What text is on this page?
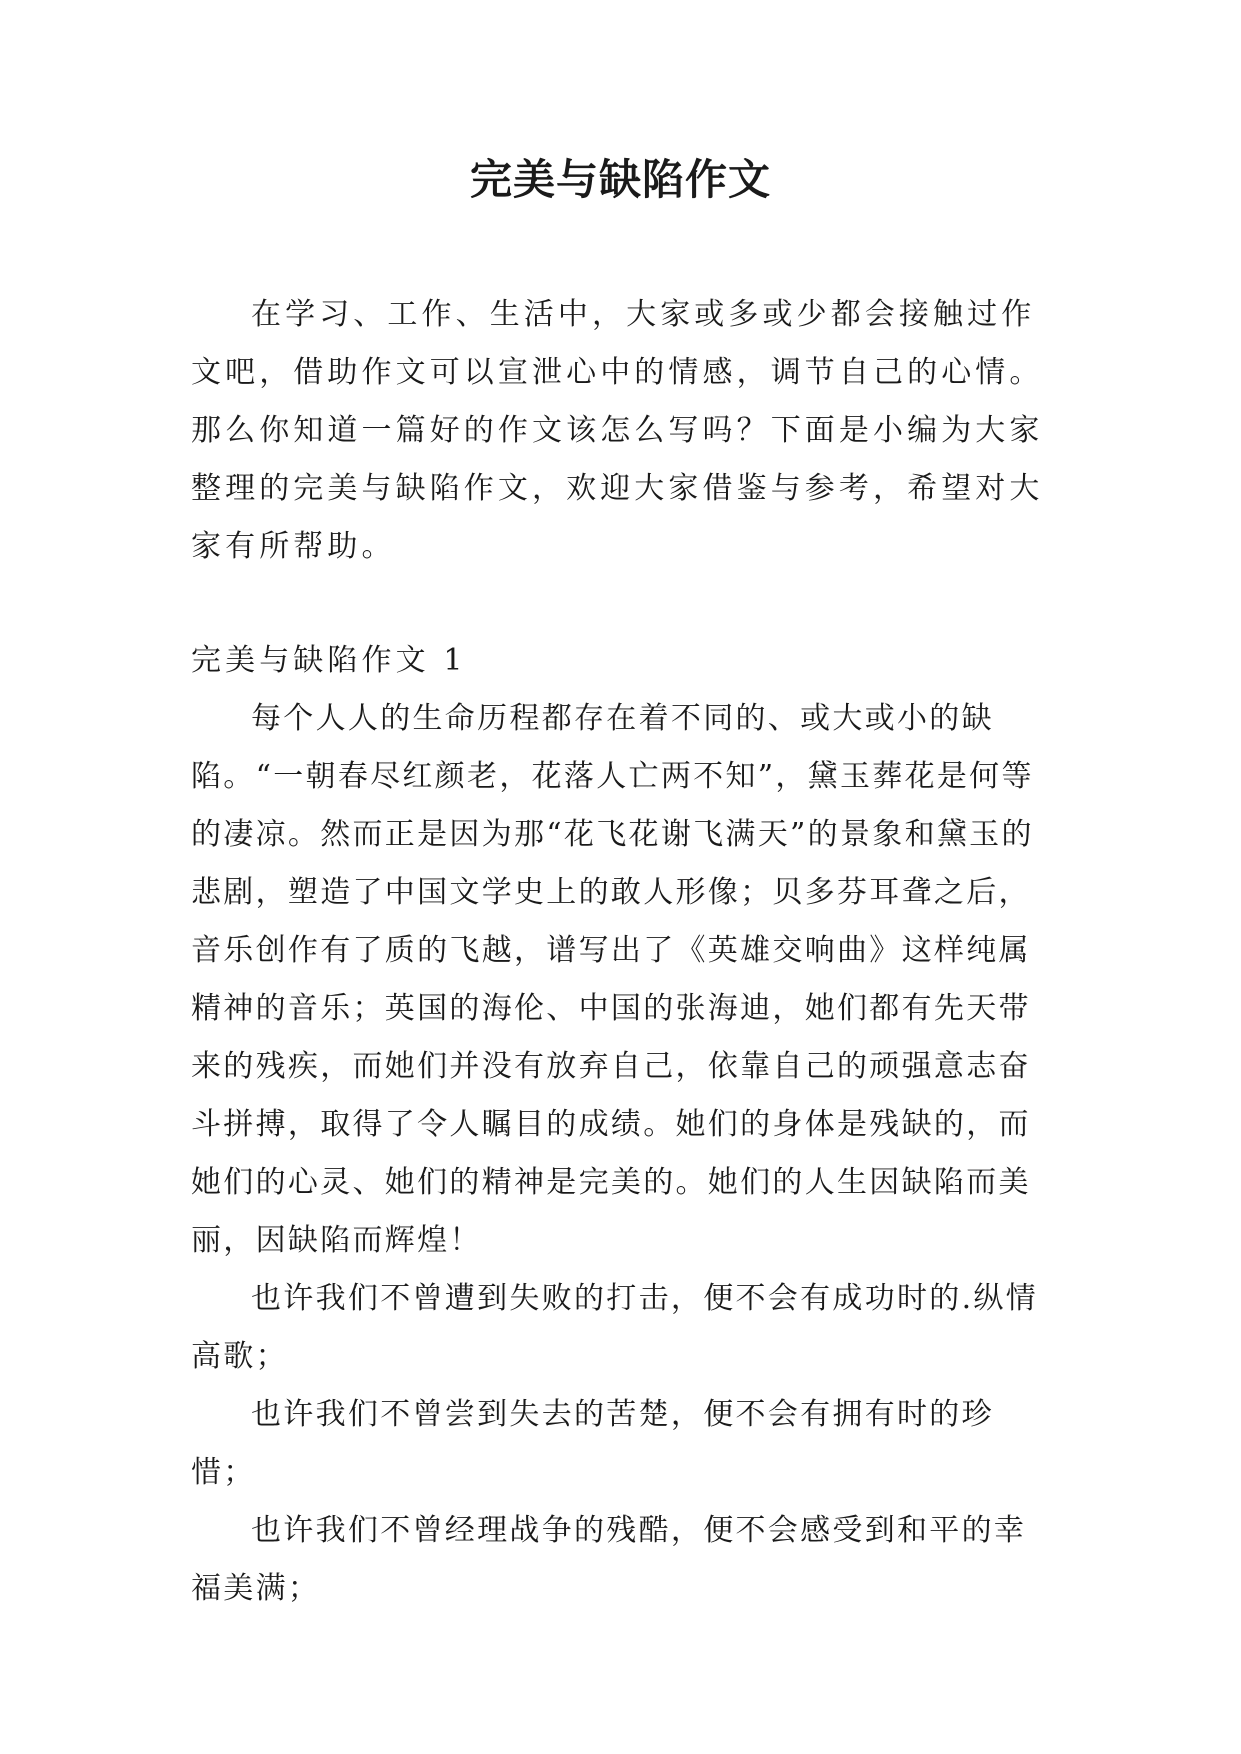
完美与缺陷作文

在学习、工作、生活中，大家或多或少都会接触过作文吧，借助作文可以宣泄心中的情感，调节自己的心情。那么你知道一篇好的作文该怎么写吗？下面是小编为大家整理的完美与缺陷作文，欢迎大家借鉴与参考，希望对大家有所帮助。

完美与缺陷作文 1

每个人人的生命历程都存在着不同的、或大或小的缺陷。“一朝春尽红颜老，花落人亡两不知”，黛玉葬花是何等的凄凉。然而正是因为那“花飞花谢飞满天”的景象和黛玉的悲剧，塑造了中国文学史上的敢人形像；贝多芬耳聋之后，音乐创作有了质的飞越，谱写出了《英雄交响曲》这样纯属精神的音乐；英国的海伦、中国的张海迪，她们都有先天带来的残疾，而她们并没有放弃自己，依靠自己的顽强意志奋斗拼搏，取得了令人瞩目的成绩。她们的身体是残缺的，而她们的心灵、她们的精神是完美的。她们的人生因缺陷而美丽，因缺陷而辉煌！

也许我们不曾遭到失败的打击，便不会有成功时的.纵情高歌；

也许我们不曾尝到失去的苦楚，便不会有拥有时的珍惜；

也许我们不曾经理战争的残酷，便不会感受到和平的幸福美满；
